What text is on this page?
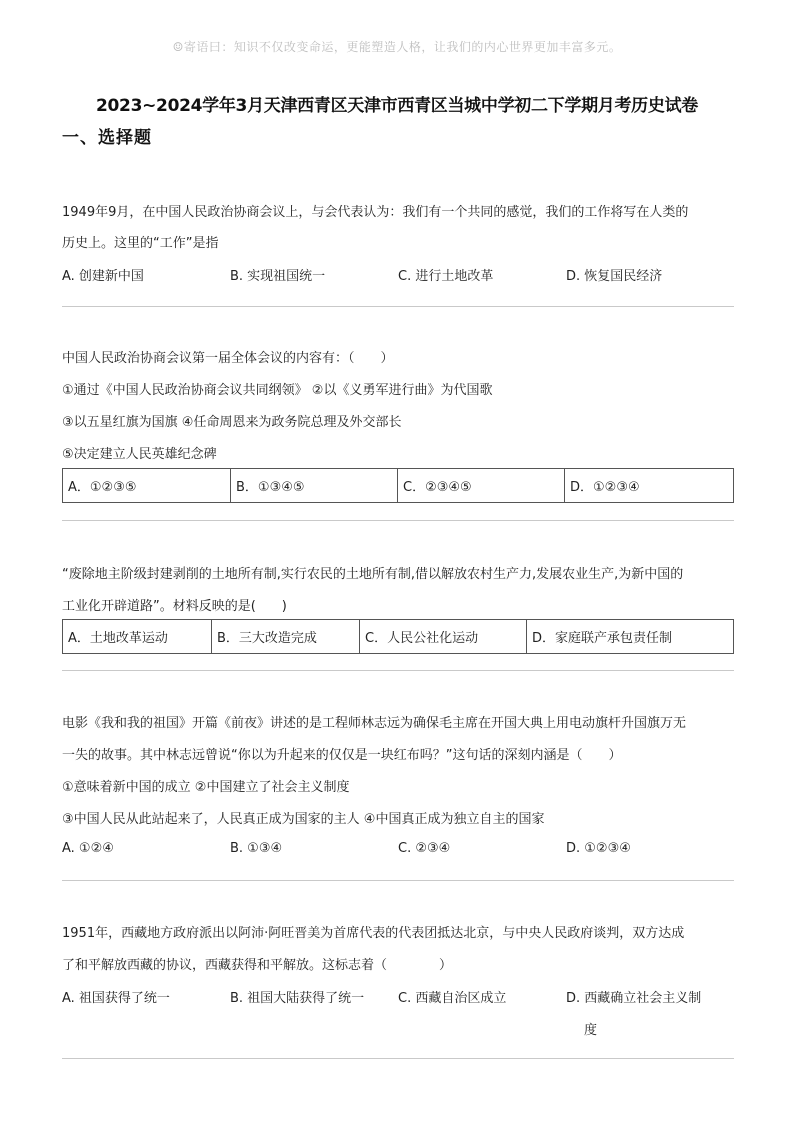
☺寄语曰：知识不仅改变命运，更能塑造人格，让我们的内心世界更加丰富多元。
2023~2024学年3月天津西青区天津市西青区当城中学初二下学期月考历史试卷
一、选择题
1949年9月，在中国人民政治协商会议上，与会代表认为：我们有一个共同的感觉，我们的工作将写在人类的
历史上。这里的“工作”是指
A. 创建新中国	B. 实现祖国统一	C. 进行土地改革	D. 恢复国民经济
中国人民政治协商会议第一届全体会议的内容有：（　　）
①通过《中国人民政治协商会议共同纲领》 ②以《义勇军进行曲》为代国歌
③以五星红旗为国旗 ④任命周恩来为政务院总理及外交部长
⑤决定建立人民英雄纪念碑
A．①②③⑤	B．①③④⑤	C．②③④⑤	D．①②③④
“废除地主阶级封建剥削的土地所有制,实行农民的土地所有制,借以解放农村生产力,发展农业生产,为新中国的
工业化开辟道路”。材料反映的是(　　)
A．土地改革运动	B．三大改造完成	C．人民公社化运动	D．家庭联产承包责任制
电影《我和我的祖国》开篇《前夜》讲述的是工程师林志远为确保毛主席在开国大典上用电动旗杆升国旗万无
一失的故事。其中林志远曾说“你以为升起来的仅仅是一块红布吗？”这句话的深刻内涵是（　　）
①意味着新中国的成立 ②中国建立了社会主义制度
③中国人民从此站起来了，人民真正成为国家的主人 ④中国真正成为独立自主的国家
A. ①②④	B. ①③④	C. ②③④	D. ①②③④
1951年，西藏地方政府派出以阿沛·阿旺晋美为首席代表的代表团抵达北京，与中央人民政府谈判，双方达成
了和平解放西藏的协议，西藏获得和平解放。这标志着（　　　　）
A. 祖国获得了统一	B. 祖国大陆获得了统一	C. 西藏自治区成立	D. 西藏确立社会主义制
度
